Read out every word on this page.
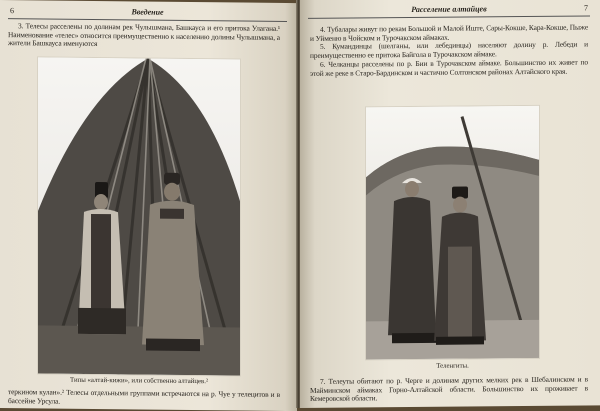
6	Введение

3. Телесы расселены по долинам рек Чулышмана, Башкауса и его притока Улагана.¹ Наименование «телес» относится преимущественно к населению долины Чулышмана, а жители Башкауса именуются

Типы «алтай-кижи», или собственно алтайцев.²

теркином кулан».² Телесы отдельными группами встречаются на р. Чуе у телецитов и в бассейне Урсула.

Расселение алтайцев	7

4. Тубалары живут по рекам Большой и Малой Иште, Сары-Кокше, Кара-Кокше, Пыже и Уйменю в Чойском и Турочакском аймаках.

5. Кумандинцы (шелганы, или лебединцы) населяют долину р. Лебеди и преимущественно ее притока Байгола в Турочакском аймаке.

6. Челканцы расселены по р. Бии в Турочакском аймаке. Большинство их живет по этой же реке в Старо-Бардинском и частично Солтонском районах Алтайского края.

Теленгиты.

7. Телеуты обитают по р. Черге и долинам других мелких рек в Шебалинском и в Майминском аймаках Горно-Алтайской области. Большинство их проживает в Кемеровской области.
